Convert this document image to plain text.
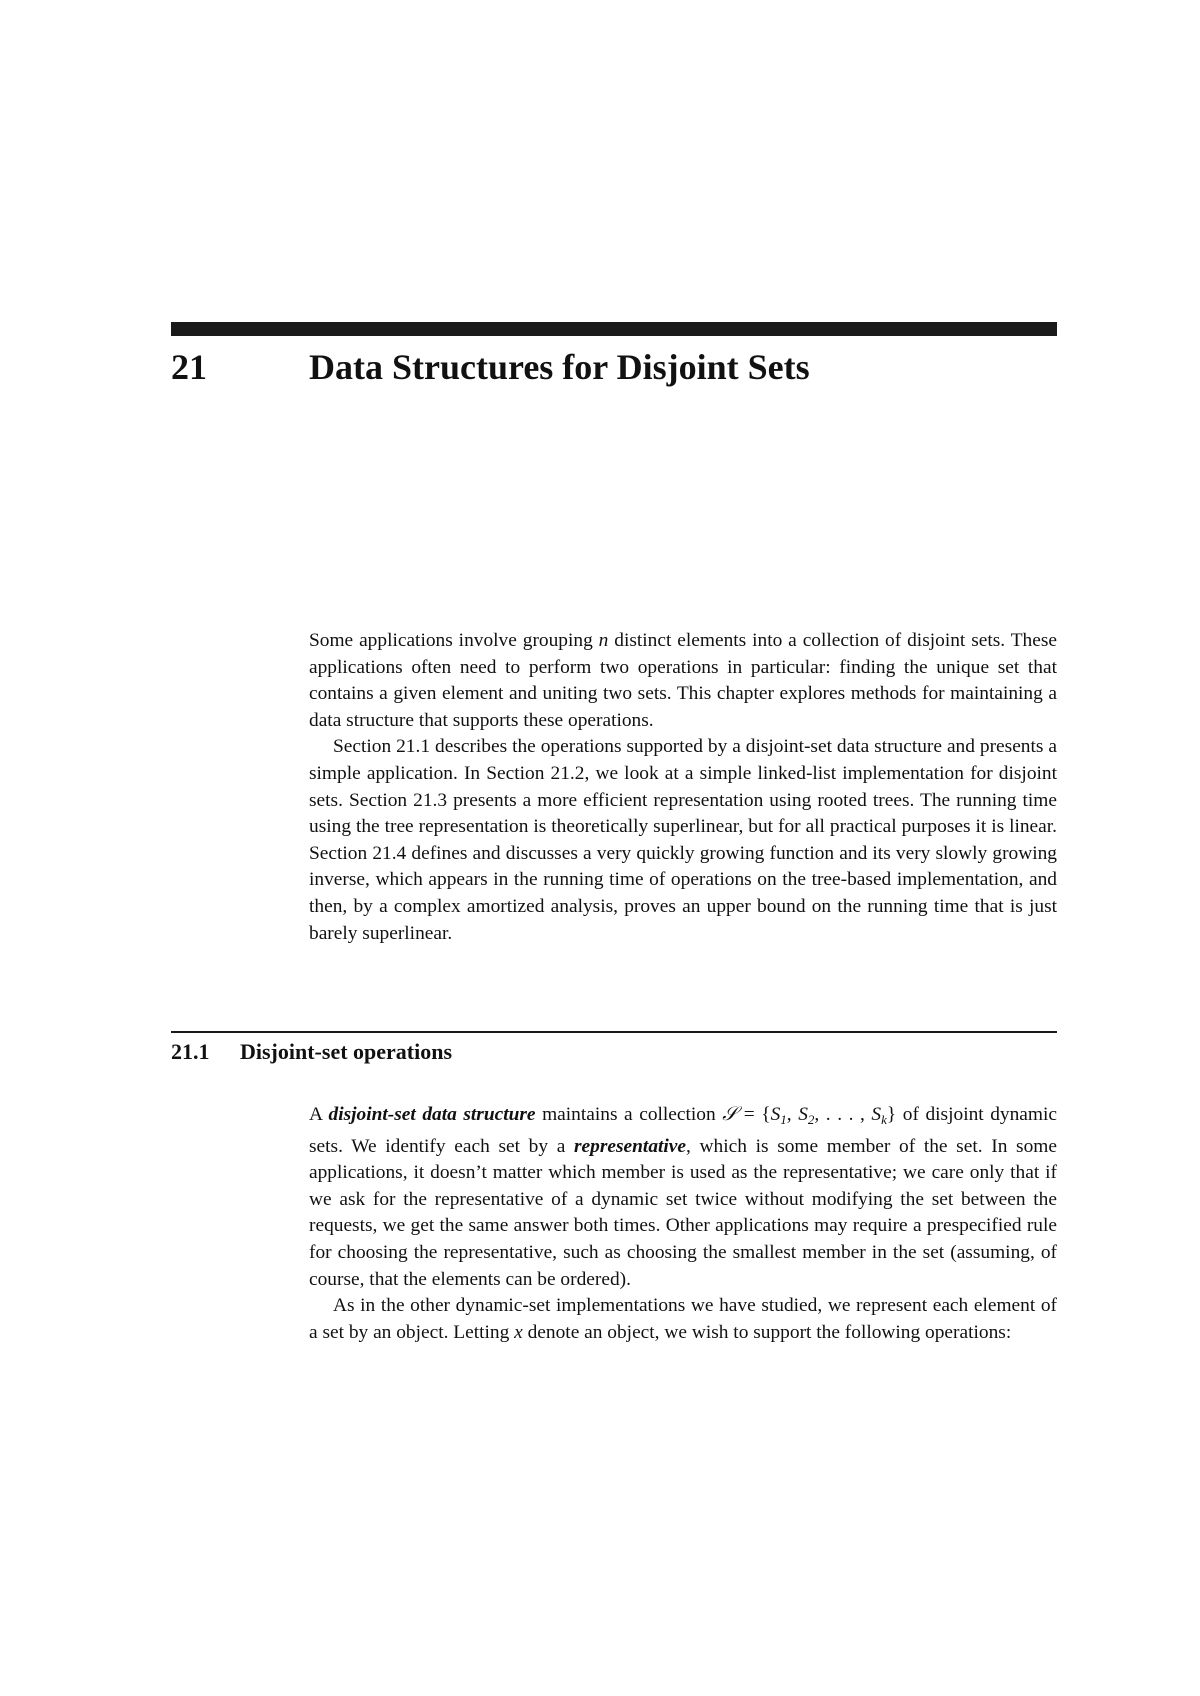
21	Data Structures for Disjoint Sets

Some applications involve grouping n distinct elements into a collection of disjoint sets. These applications often need to perform two operations in particular: finding the unique set that contains a given element and uniting two sets. This chapter explores methods for maintaining a data structure that supports these operations.

Section 21.1 describes the operations supported by a disjoint-set data structure and presents a simple application. In Section 21.2, we look at a simple linked-list implementation for disjoint sets. Section 21.3 presents a more efficient representation using rooted trees. The running time using the tree representation is theoretically superlinear, but for all practical purposes it is linear. Section 21.4 defines and discusses a very quickly growing function and its very slowly growing inverse, which appears in the running time of operations on the tree-based implementation, and then, by a complex amortized analysis, proves an upper bound on the running time that is just barely superlinear.

21.1 Disjoint-set operations

A disjoint-set data structure maintains a collection 𝒮 = {$S_1$, $S_2$, . . . , $S_k$} of disjoint dynamic sets. We identify each set by a representative, which is some member of the set. In some applications, it doesn’t matter which member is used as the representative; we care only that if we ask for the representative of a dynamic set twice without modifying the set between the requests, we get the same answer both times. Other applications may require a prespecified rule for choosing the representative, such as choosing the smallest member in the set (assuming, of course, that the elements can be ordered).

As in the other dynamic-set implementations we have studied, we represent each element of a set by an object. Letting x denote an object, we wish to support the following operations:
